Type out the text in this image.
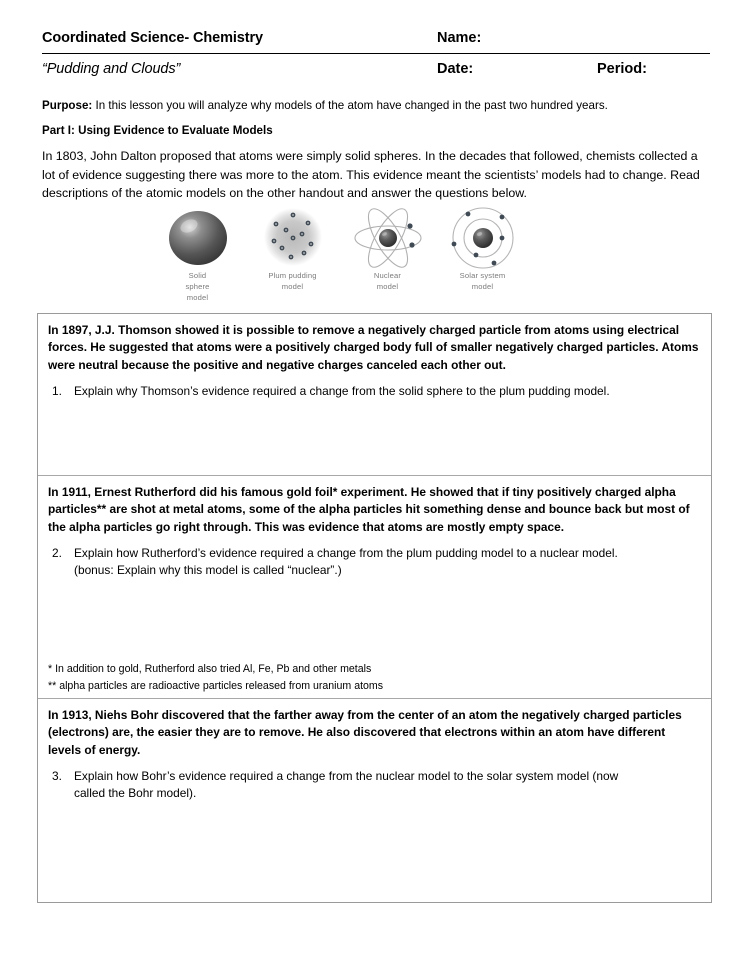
Coordinated Science- Chemistry	Name:
“Pudding and Clouds”	Date:	Period:
Purpose: In this lesson you will analyze why models of the atom have changed in the past two hundred years.
Part I: Using Evidence to Evaluate Models
In 1803, John Dalton proposed that atoms were simply solid spheres. In the decades that followed, chemists collected a lot of evidence suggesting there was more to the atom. This evidence meant the scientists’ models had to change. Read descriptions of the atomic models on the other handout and answer the questions below.
Solid
sphere
model
Plum pudding
model
Nuclear
model
Solar system
model
In 1897, J.J. Thomson showed it is possible to remove a negatively charged particle from atoms using electrical forces. He suggested that atoms were a positively charged body full of smaller negatively charged particles. Atoms were neutral because the positive and negative charges canceled each other out.
1.	Explain why Thomson’s evidence required a change from the solid sphere to the plum pudding model.
In 1911, Ernest Rutherford did his famous gold foil* experiment. He showed that if tiny positively charged alpha particles** are shot at metal atoms, some of the alpha particles hit something dense and bounce back but most of the alpha particles go right through. This was evidence that atoms are mostly empty space.
2.	Explain how Rutherford’s evidence required a change from the plum pudding model to a nuclear model.
(bonus: Explain why this model is called “nuclear”.)
* In addition to gold, Rutherford also tried Al, Fe, Pb and other metals
** alpha particles are radioactive particles released from uranium atoms
In 1913, Niehs Bohr discovered that the farther away from the center of an atom the negatively charged particles (electrons) are, the easier they are to remove. He also discovered that electrons within an atom have different levels of energy.
3.	Explain how Bohr’s evidence required a change from the nuclear model to the solar system model (now
called the Bohr model).
